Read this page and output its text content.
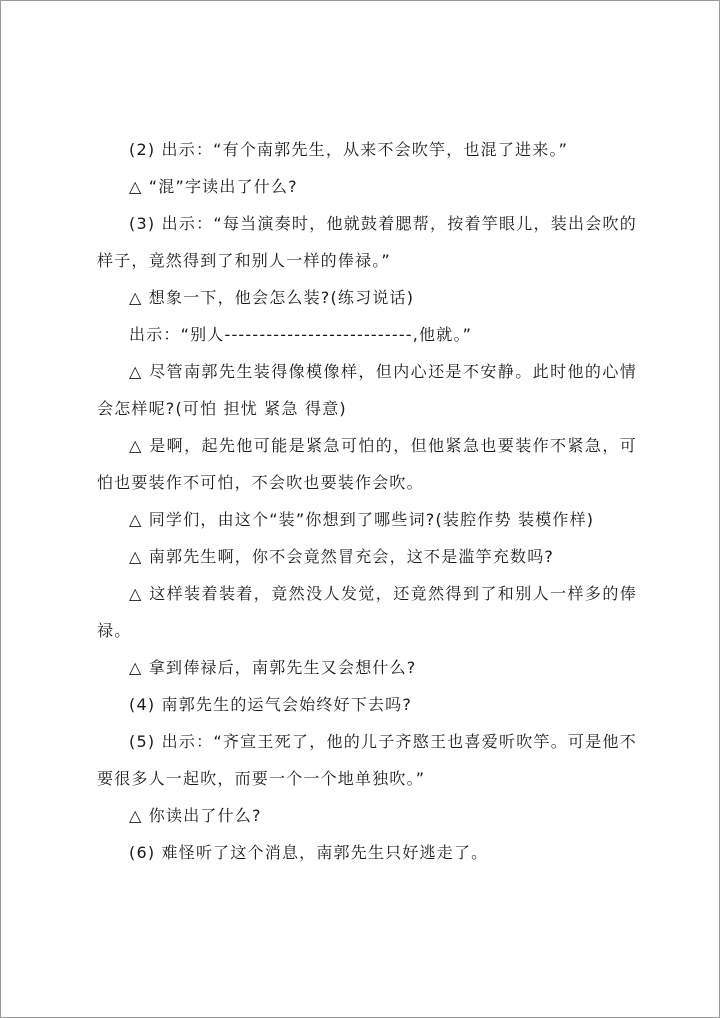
(2) 出示：“有个南郭先生，从来不会吹竽，也混了进来。”

△ “混”字读出了什么?

(3) 出示：“每当演奏时，他就鼓着腮帮，按着竽眼儿，装出会吹的样子，竟然得到了和别人一样的俸禄。”

△ 想象一下，他会怎么装?(练习说话)

出示：“别人---------------------------,他就。”

△ 尽管南郭先生装得像模像样，但内心还是不安静。此时他的心情会怎样呢?(可怕 担忧 紧急 得意)

△ 是啊，起先他可能是紧急可怕的，但他紧急也要装作不紧急，可怕也要装作不可怕，不会吹也要装作会吹。

△ 同学们，由这个“装”你想到了哪些词?(装腔作势 装模作样)

△ 南郭先生啊，你不会竟然冒充会，这不是滥竽充数吗?

△ 这样装着装着，竟然没人发觉，还竟然得到了和别人一样多的俸禄。

△ 拿到俸禄后，南郭先生又会想什么?

(4) 南郭先生的运气会始终好下去吗?

(5) 出示：“齐宣王死了，他的儿子齐愍王也喜爱听吹竽。可是他不要很多人一起吹，而要一个一个地单独吹。”

△ 你读出了什么?

(6) 难怪听了这个消息，南郭先生只好逃走了。
